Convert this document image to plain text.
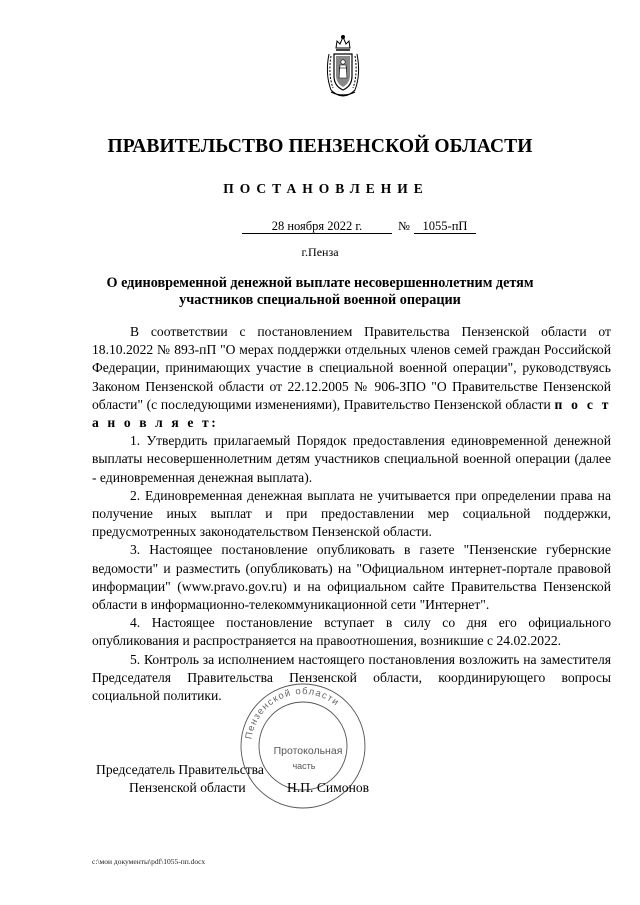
ПРАВИТЕЛЬСТВО ПЕНЗЕНСКОЙ ОБЛАСТИ
ПОСТАНОВЛЕНИЕ
28 ноября 2022 г.	№	1055-пП
г.Пенза
О единовременной денежной выплате несовершеннолетним детям
участников специальной военной операции

В соответствии с постановлением Правительства Пензенской области от 18.10.2022 № 893-пП "О мерах поддержки отдельных членов семей граждан Российской Федерации, принимающих участие в специальной военной операции", руководствуясь Законом Пензенской области от 22.12.2005 № 906-ЗПО "О Правительстве Пензенской области" (с последующими изменениями), Правительство Пензенской области п о с т а н о в л я е т:

1. Утвердить прилагаемый Порядок предоставления единовременной денежной выплаты несовершеннолетним детям участников специальной военной операции (далее - единовременная денежная выплата).

2. Единовременная денежная выплата не учитывается при определении права на получение иных выплат и при предоставлении мер социальной поддержки, предусмотренных законодательством Пензенской области.

3. Настоящее постановление опубликовать в газете "Пензенские губернские ведомости" и разместить (опубликовать) на "Официальном интернет-портале правовой информации" (www.pravo.gov.ru) и на официальном сайте Правительства Пензенской области в информационно-телекоммуникационной сети "Интернет".

4. Настоящее постановление вступает в силу со дня его официального опубликования и распространяется на правоотношения, возникшие с 24.02.2022.

5. Контроль за исполнением настоящего постановления возложить на заместителя Председателя Правительства Пензенской области, координирующего вопросы социальной политики.

Пензенской области
Протокольная
часть
Председатель Правительства
Пензенской области	Н.П. Симонов
c:\мои документы\pdf\1055-пп.docx
